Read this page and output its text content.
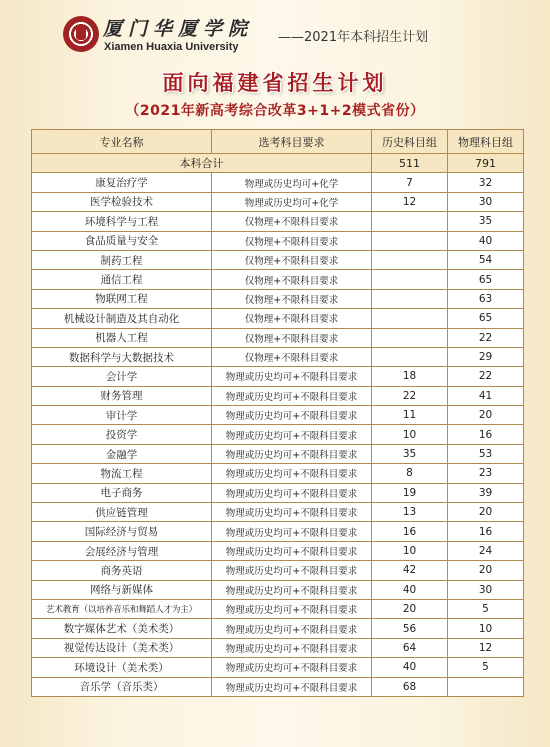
厦门华厦学院
Xiamen Huaxia University
——2021年本科招生计划
面向福建省招生计划
（2021年新高考综合改革3+1+2模式省份）
专业名称	选考科目要求	历史科目组	物理科目组
本科合计		511	791
康复治疗学	物理或历史均可+化学	7	32
医学检验技术	物理或历史均可+化学	12	30
环境科学与工程	仅物理+不限科目要求		35
食品质量与安全	仅物理+不限科目要求		40
制药工程	仅物理+不限科目要求		54
通信工程	仅物理+不限科目要求		65
物联网工程	仅物理+不限科目要求		63
机械设计制造及其自动化	仅物理+不限科目要求		65
机器人工程	仅物理+不限科目要求		22
数据科学与大数据技术	仅物理+不限科目要求		29
会计学	物理或历史均可+不限科目要求	18	22
财务管理	物理或历史均可+不限科目要求	22	41
审计学	物理或历史均可+不限科目要求	11	20
投资学	物理或历史均可+不限科目要求	10	16
金融学	物理或历史均可+不限科目要求	35	53
物流工程	物理或历史均可+不限科目要求	8	23
电子商务	物理或历史均可+不限科目要求	19	39
供应链管理	物理或历史均可+不限科目要求	13	20
国际经济与贸易	物理或历史均可+不限科目要求	16	16
会展经济与管理	物理或历史均可+不限科目要求	10	24
商务英语	物理或历史均可+不限科目要求	42	20
网络与新媒体	物理或历史均可+不限科目要求	40	30
艺术教育（以培养音乐和舞蹈人才为主）	物理或历史均可+不限科目要求	20	5
数字媒体艺术（美术类）	物理或历史均可+不限科目要求	56	10
视觉传达设计（美术类）	物理或历史均可+不限科目要求	64	12
环境设计（美术类）	物理或历史均可+不限科目要求	40	5
音乐学（音乐类）	物理或历史均可+不限科目要求	68	
